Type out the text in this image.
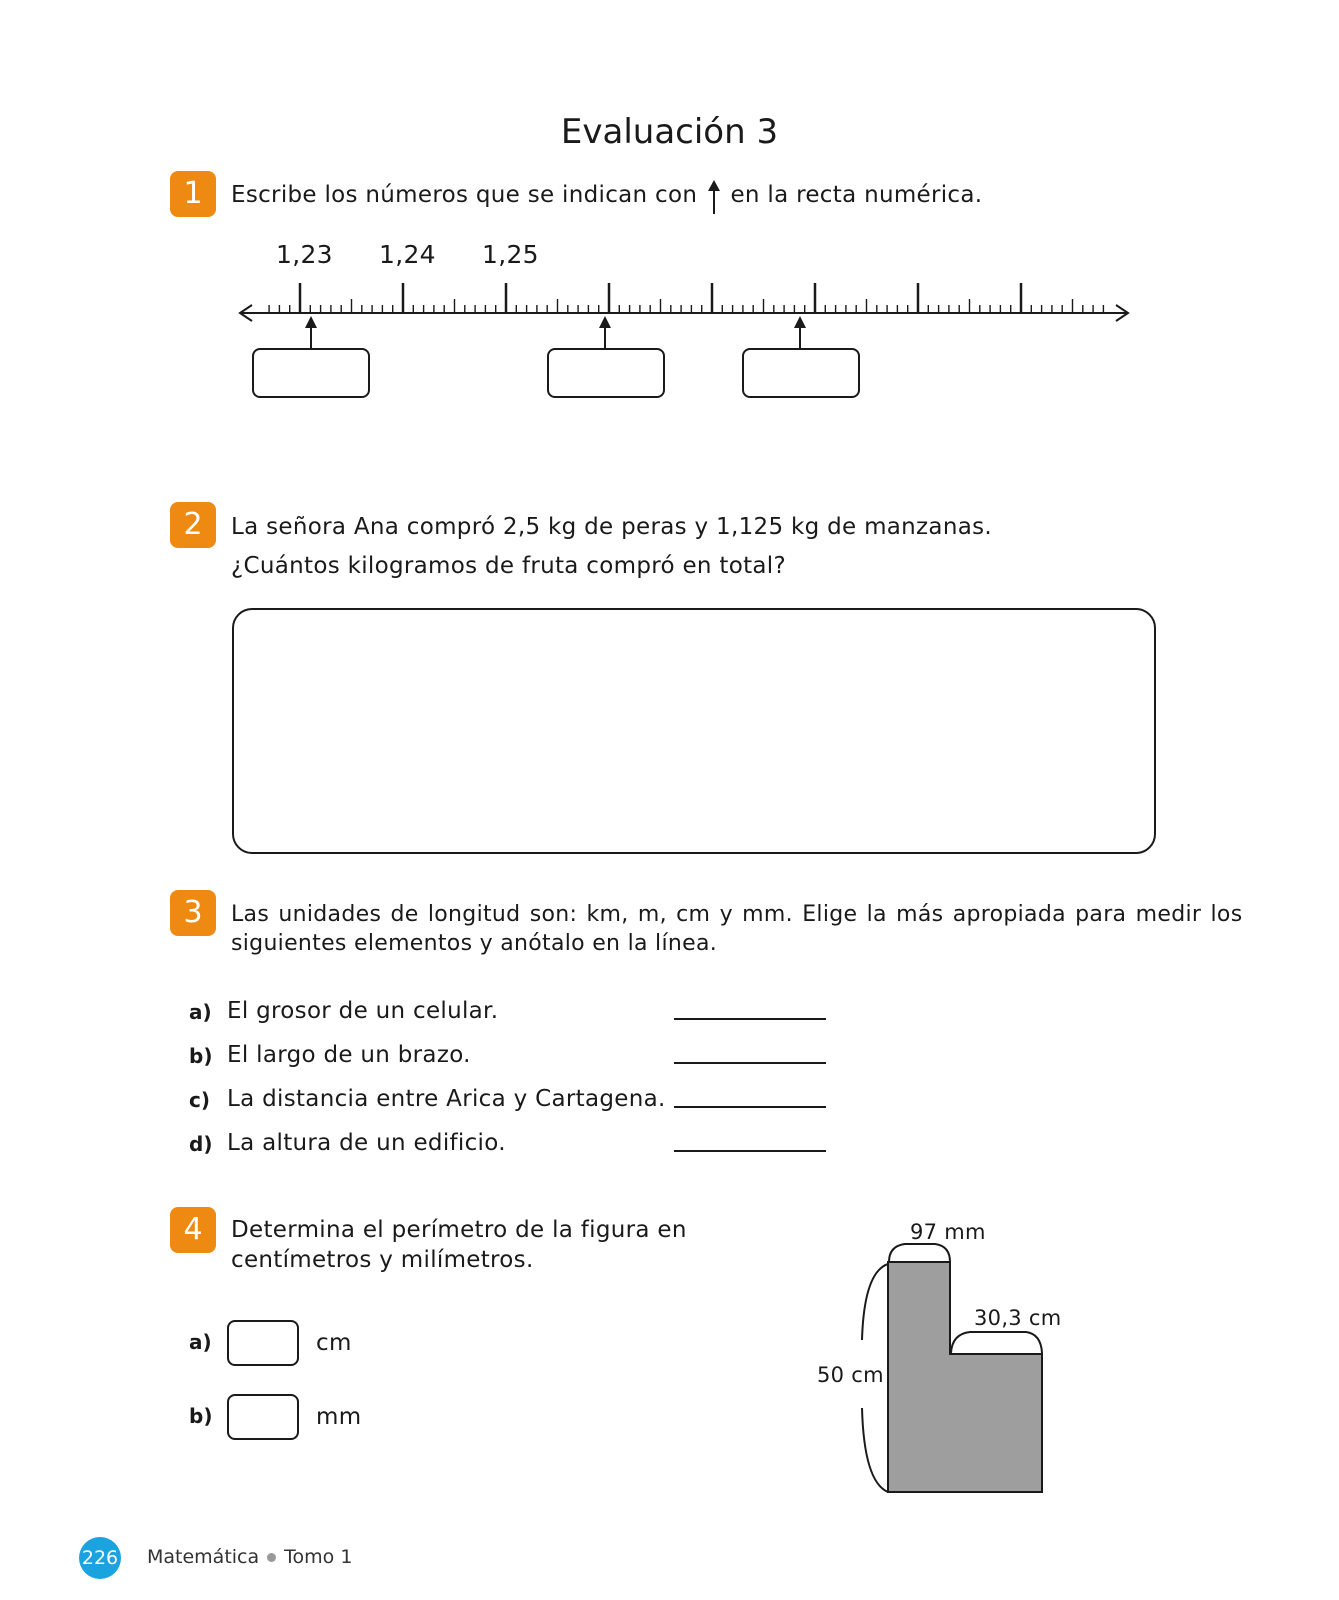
Evaluación 3
1	Escribe los números que se indican con en la recta numérica.
1,23 1,24 1,25
2	La señora Ana compró 2,5 kg de peras y 1,125 kg de manzanas.
¿Cuántos kilogramos de fruta compró en total?
3	Las unidades de longitud son: km, m, cm y mm. Elige la más apropiada para medir los
siguientes elementos y anótalo en la línea.
a) El grosor de un celular.
b) El largo de un brazo.
c) La distancia entre Arica y Cartagena.
d) La altura de un edificio.
4	Determina el perímetro de la figura en
centímetros y milímetros.
a)	cm
b)	mm
97 mm
30,3 cm
50 cm
226 Matemática Tomo 1
